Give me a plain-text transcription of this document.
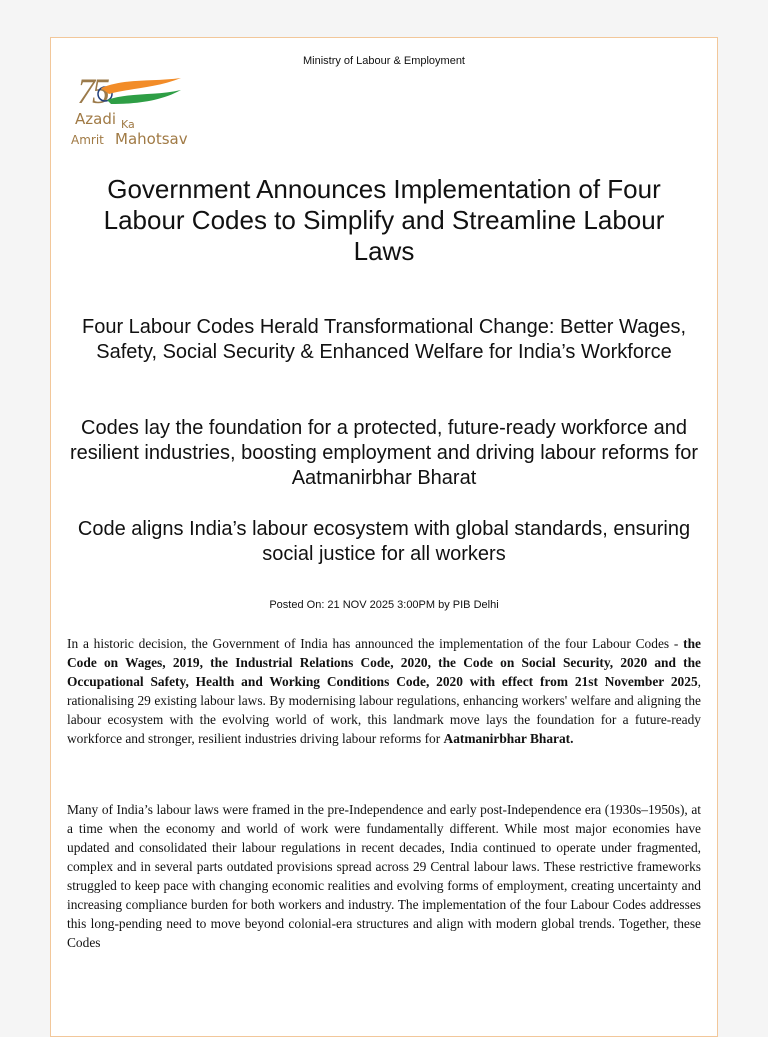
Ministry of Labour & Employment
75
Azadi Ka
Amrit Mahotsav
Government Announces Implementation of Four Labour Codes to Simplify and Streamline Labour Laws
Four Labour Codes Herald Transformational Change: Better Wages, Safety, Social Security & Enhanced Welfare for India’s Workforce
Codes lay the foundation for a protected, future-ready workforce and resilient industries, boosting employment and driving labour reforms for Aatmanirbhar Bharat
Code aligns India’s labour ecosystem with global standards, ensuring social justice for all workers
Posted On: 21 NOV 2025 3:00PM by PIB Delhi

In a historic decision, the Government of India has announced the implementation of the four Labour Codes - the Code on Wages, 2019, the Industrial Relations Code, 2020, the Code on Social Security, 2020 and the Occupational Safety, Health and Working Conditions Code, 2020 with effect from 21st November 2025, rationalising 29 existing labour laws. By modernising labour regulations, enhancing workers' welfare and aligning the labour ecosystem with the evolving world of work, this landmark move lays the foundation for a future-ready workforce and stronger, resilient industries driving labour reforms for Aatmanirbhar Bharat.

Many of India’s labour laws were framed in the pre-Independence and early post-Independence era (1930s–1950s), at a time when the economy and world of work were fundamentally different. While most major economies have updated and consolidated their labour regulations in recent decades, India continued to operate under fragmented, complex and in several parts outdated provisions spread across 29 Central labour laws. These restrictive frameworks struggled to keep pace with changing economic realities and evolving forms of employment, creating uncertainty and increasing compliance burden for both workers and industry. The implementation of the four Labour Codes addresses this long-pending need to move beyond colonial-era structures and align with modern global trends. Together, these Codes
